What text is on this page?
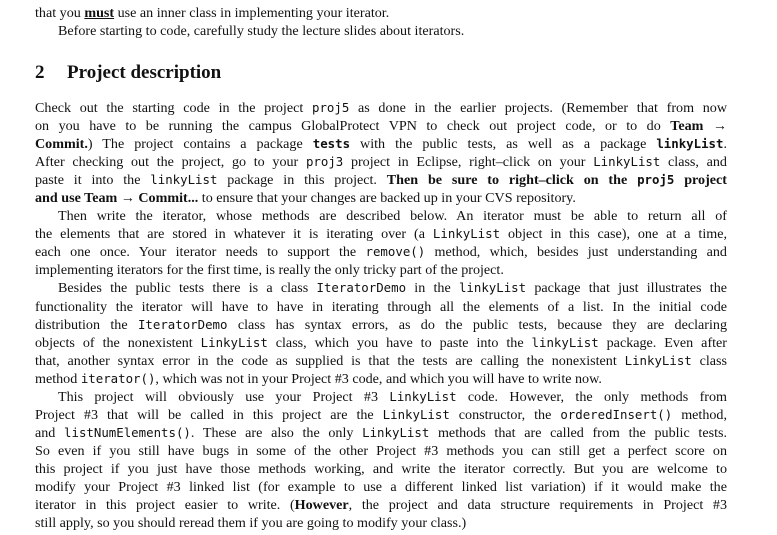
that you must use an inner class in implementing your iterator.
Before starting to code, carefully study the lecture slides about iterators.
2 Project description
Check out the starting code in the project proj5 as done in the earlier projects. (Remember that from now
on you have to be running the campus GlobalProtect VPN to check out project code, or to do Team →
Commit.) The project contains a package tests with the public tests, as well as a package linkyList.
After checking out the project, go to your proj3 project in Eclipse, right–click on your LinkyList class, and
paste it into the linkyList package in this project. Then be sure to right–click on the proj5 project
and use Team → Commit... to ensure that your changes are backed up in your CVS repository.
Then write the iterator, whose methods are described below. An iterator must be able to return all of
the elements that are stored in whatever it is iterating over (a LinkyList object in this case), one at a time,
each one once. Your iterator needs to support the remove() method, which, besides just understanding and
implementing iterators for the first time, is really the only tricky part of the project.
Besides the public tests there is a class IteratorDemo in the linkyList package that just illustrates the
functionality the iterator will have to have in iterating through all the elements of a list. In the initial code
distribution the IteratorDemo class has syntax errors, as do the public tests, because they are declaring
objects of the nonexistent LinkyList class, which you have to paste into the linkyList package. Even after
that, another syntax error in the code as supplied is that the tests are calling the nonexistent LinkyList class
method iterator(), which was not in your Project #3 code, and which you will have to write now.
This project will obviously use your Project #3 LinkyList code. However, the only methods from
Project #3 that will be called in this project are the LinkyList constructor, the orderedInsert() method,
and listNumElements(). These are also the only LinkyList methods that are called from the public tests.
So even if you still have bugs in some of the other Project #3 methods you can still get a perfect score on
this project if you just have those methods working, and write the iterator correctly. But you are welcome to
modify your Project #3 linked list (for example to use a different linked list variation) if it would make the
iterator in this project easier to write. (However, the project and data structure requirements in Project #3
still apply, so you should reread them if you are going to modify your class.)
